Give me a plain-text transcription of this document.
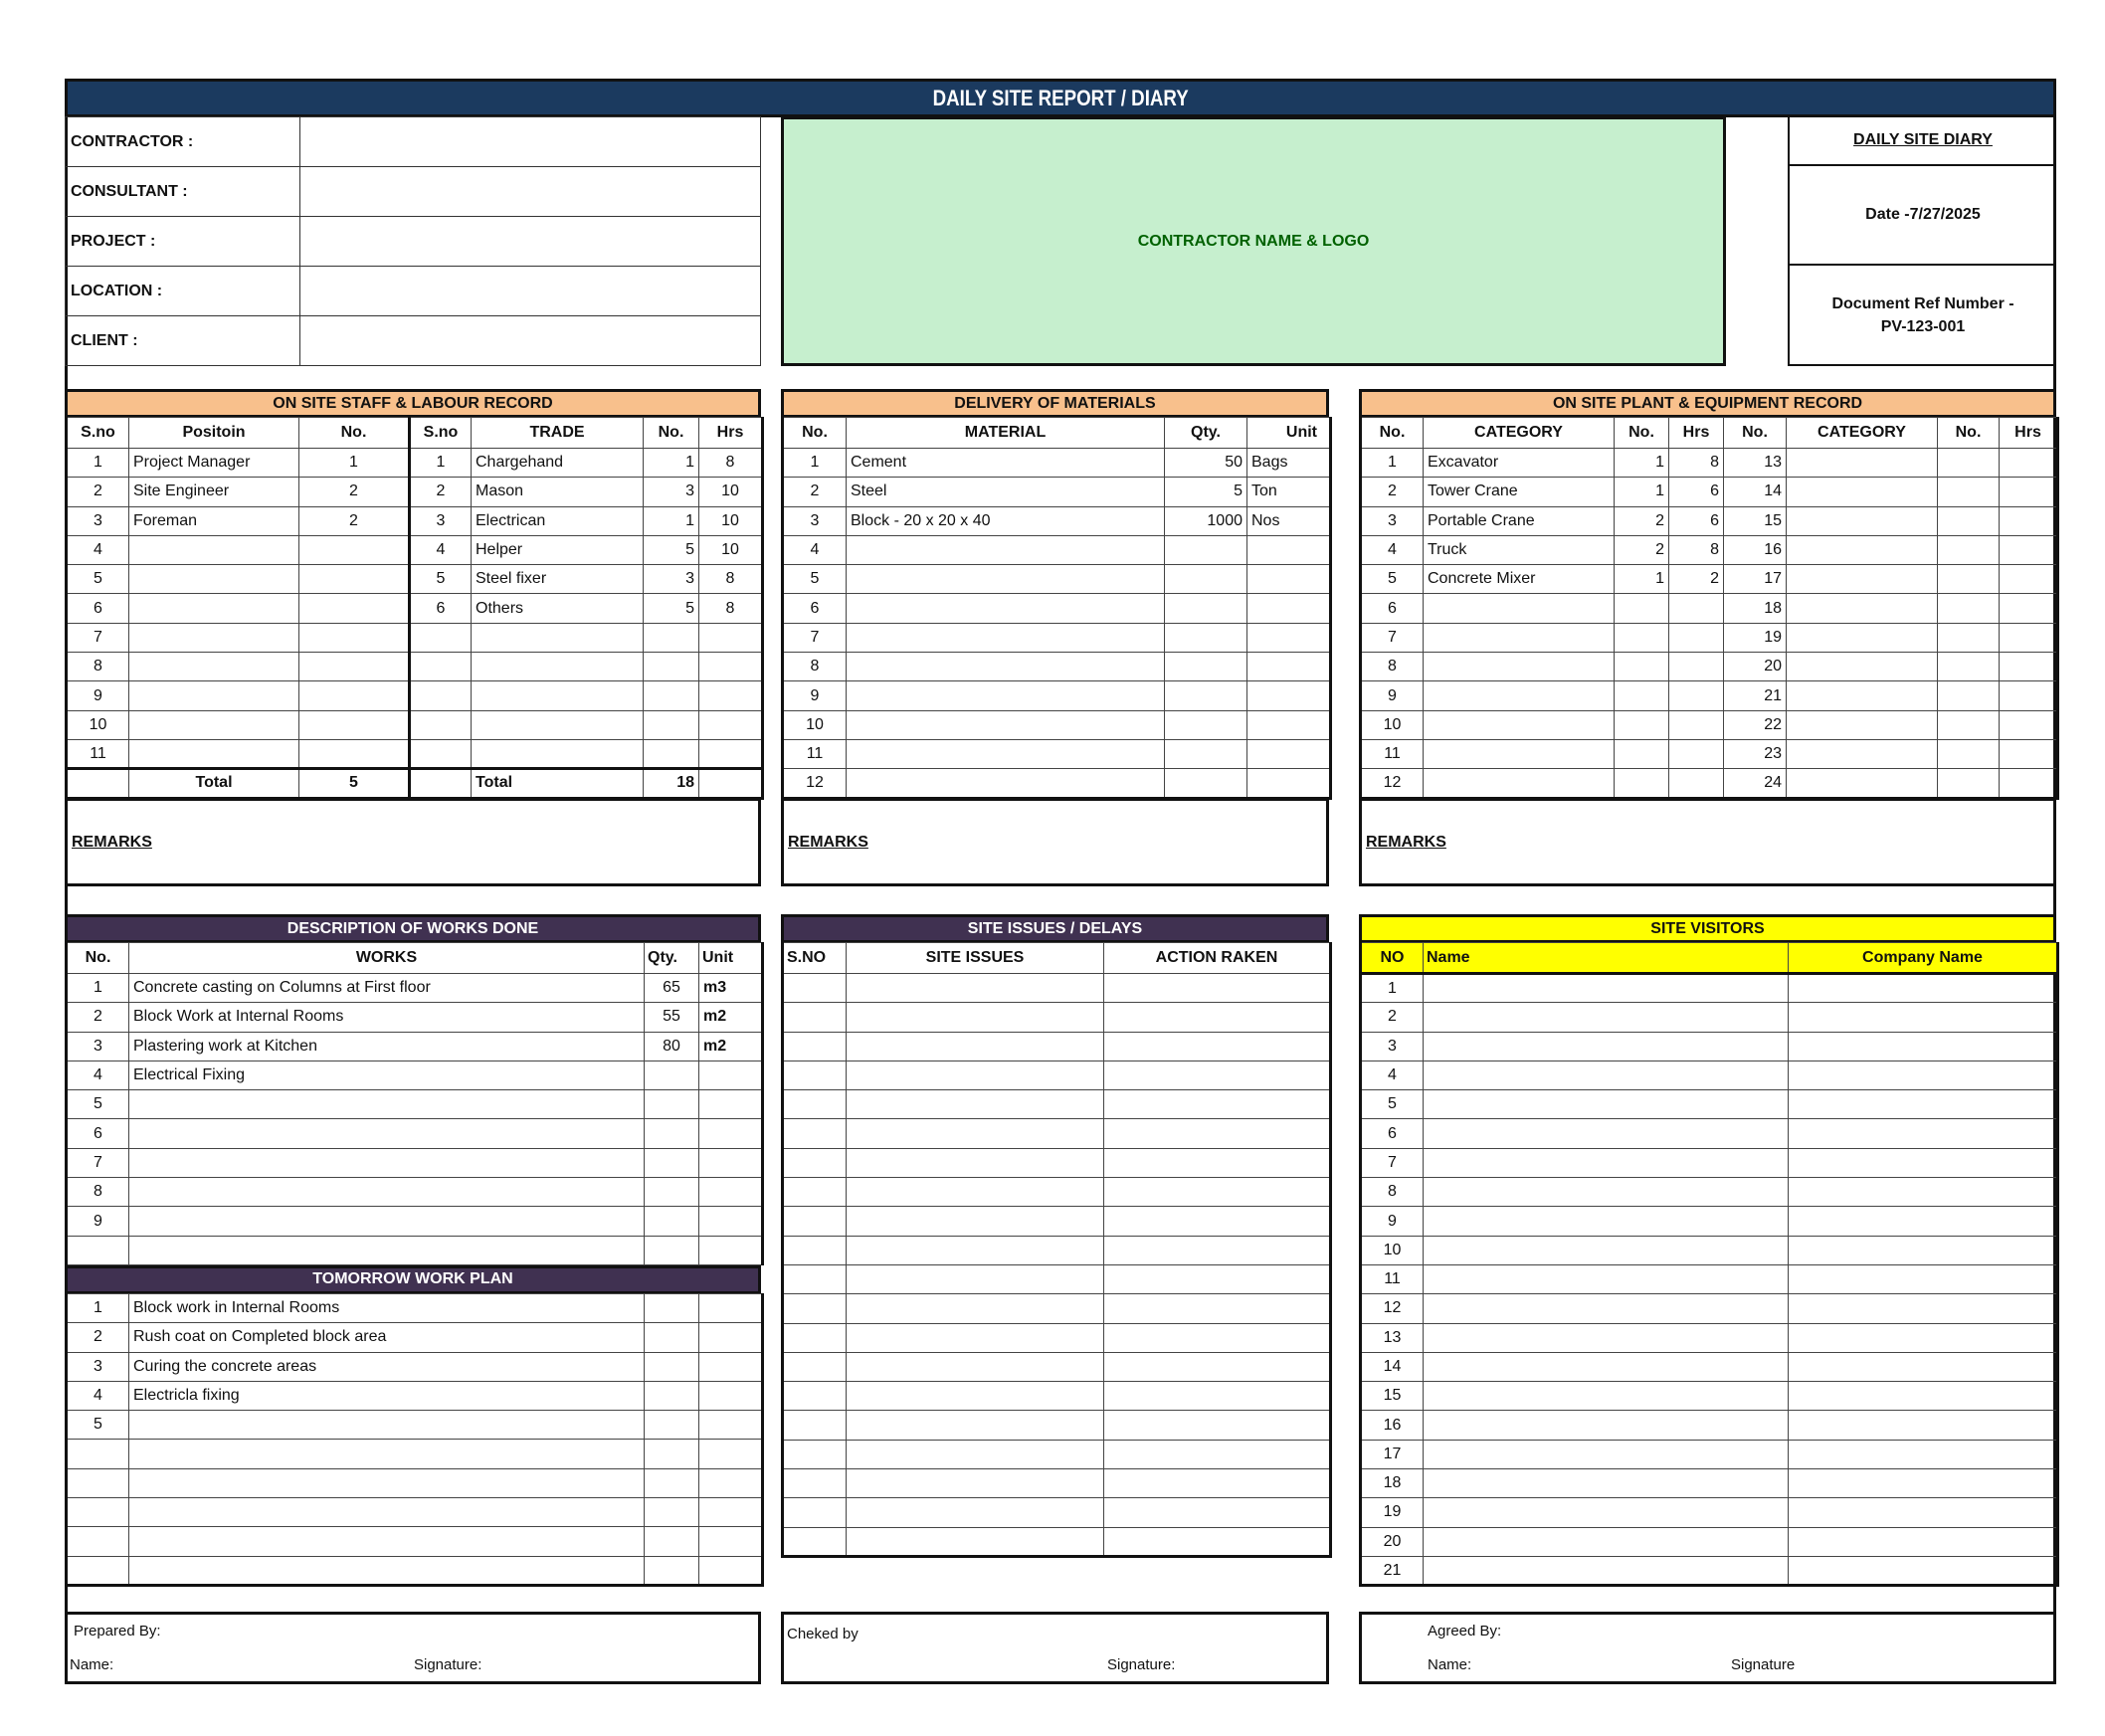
DAILY SITE REPORT / DIARY
CONTRACTOR :	
CONSULTANT :	
PROJECT :	
LOCATION :	
CLIENT :	
CONTRACTOR NAME & LOGO
DAILY SITE DIARY
Date -7/27/2025
Document Ref Number -
PV-123-001
ON SITE STAFF & LABOUR RECORD
S.no	Positoin	No.	S.no	TRADE	No.	Hrs
1	Project Manager	1	1	Chargehand	1	8
2	Site Engineer	2	2	Mason	3	10
3	Foreman	2	3	Electrican	1	10
4			4	Helper	5	10
5			5	Steel fixer	3	8
6			6	Others	5	8
7						
8						
9						
10						
11						
	Total	5		Total	18	
DELIVERY OF MATERIALS
No.	MATERIAL	Qty.	Unit
1	Cement	50	Bags
2	Steel	5	Ton
3	Block - 20 x 20 x 40	1000	Nos
4			
5			
6			
7			
8			
9			
10			
11			
12			
ON SITE PLANT & EQUIPMENT RECORD
No.	CATEGORY	No.	Hrs	No.	CATEGORY	No.	Hrs
1	Excavator	1	8	13			
2	Tower Crane	1	6	14			
3	Portable Crane	2	6	15			
4	Truck	2	8	16			
5	Concrete Mixer	1	2	17			
6				18			
7				19			
8				20			
9				21			
10				22			
11				23			
12				24			
REMARKS	REMARKS	REMARKS
DESCRIPTION OF WORKS DONE
No.	WORKS	Qty.	Unit
1	Concrete casting on Columns at First floor	65	m3
2	Block Work at Internal Rooms	55	m2
3	Plastering work at Kitchen	80	m2
4	Electrical Fixing		
5			
6			
7			
8			
9			

TOMORROW WORK PLAN
1	Block work in Internal Rooms		
2	Rush coat on Completed block area		
3	Curing the concrete areas		
4	Electricla fixing		
5			

SITE ISSUES / DELAYS
S.NO	SITE ISSUES	ACTION RAKEN

SITE VISITORS
NO	Name	Company Name
1		
2		
3		
4		
5		
6		
7		
8		
9		
10		
11		
12		
13		
14		
15		
16		
17		
18		
19		
20		
21		
Prepared By:
Name:	Signature:
Cheked by
Signature:
Agreed By:
Name:	Signature
